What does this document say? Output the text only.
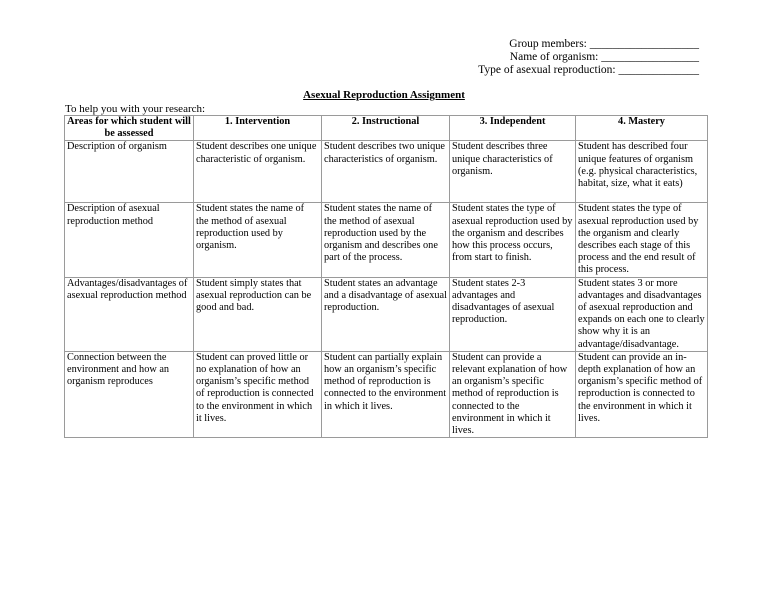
Group members: ___________________
Name of organism: _________________
Type of asexual reproduction: ______________
Asexual Reproduction Assignment
To help you with your research:
Areas for which student will be assessed	1. Intervention	2. Instructional	3. Independent	4. Mastery
Description of organism	Student describes one unique characteristic of organism.	Student describes two unique characteristics of organism.	Student describes three unique characteristics of organism.	Student has described four unique features of organism (e.g. physical characteristics, habitat, size, what it eats)
Description of asexual reproduction method	Student states the name of the method of asexual reproduction used by organism.	Student states the name of the method of asexual reproduction used by the organism and describes one part of the process.	Student states the type of asexual reproduction used by the organism and describes how this process occurs, from start to finish.	Student states the type of asexual reproduction used by the organism and clearly describes each stage of this process and the end result of this process.
Advantages/disadvantages of asexual reproduction method	Student simply states that asexual reproduction can be good and bad.	Student states an advantage and a disadvantage of asexual reproduction.	Student states 2-3 advantages and disadvantages of asexual reproduction.	Student states 3 or more advantages and disadvantages of asexual reproduction and expands on each one to clearly show why it is an advantage/disadvantage.
Connection between the environment and how an organism reproduces	Student can proved little or no explanation of how an organism’s specific method of reproduction is connected to the environment in which it lives.	Student can partially explain how an organism’s specific method of reproduction is connected to the environment in which it lives.	Student can provide a relevant explanation of how an organism’s specific method of reproduction is connected to the environment in which it lives.	Student can provide an in-depth explanation of how an organism’s specific method of reproduction is connected to the environment in which it lives.
